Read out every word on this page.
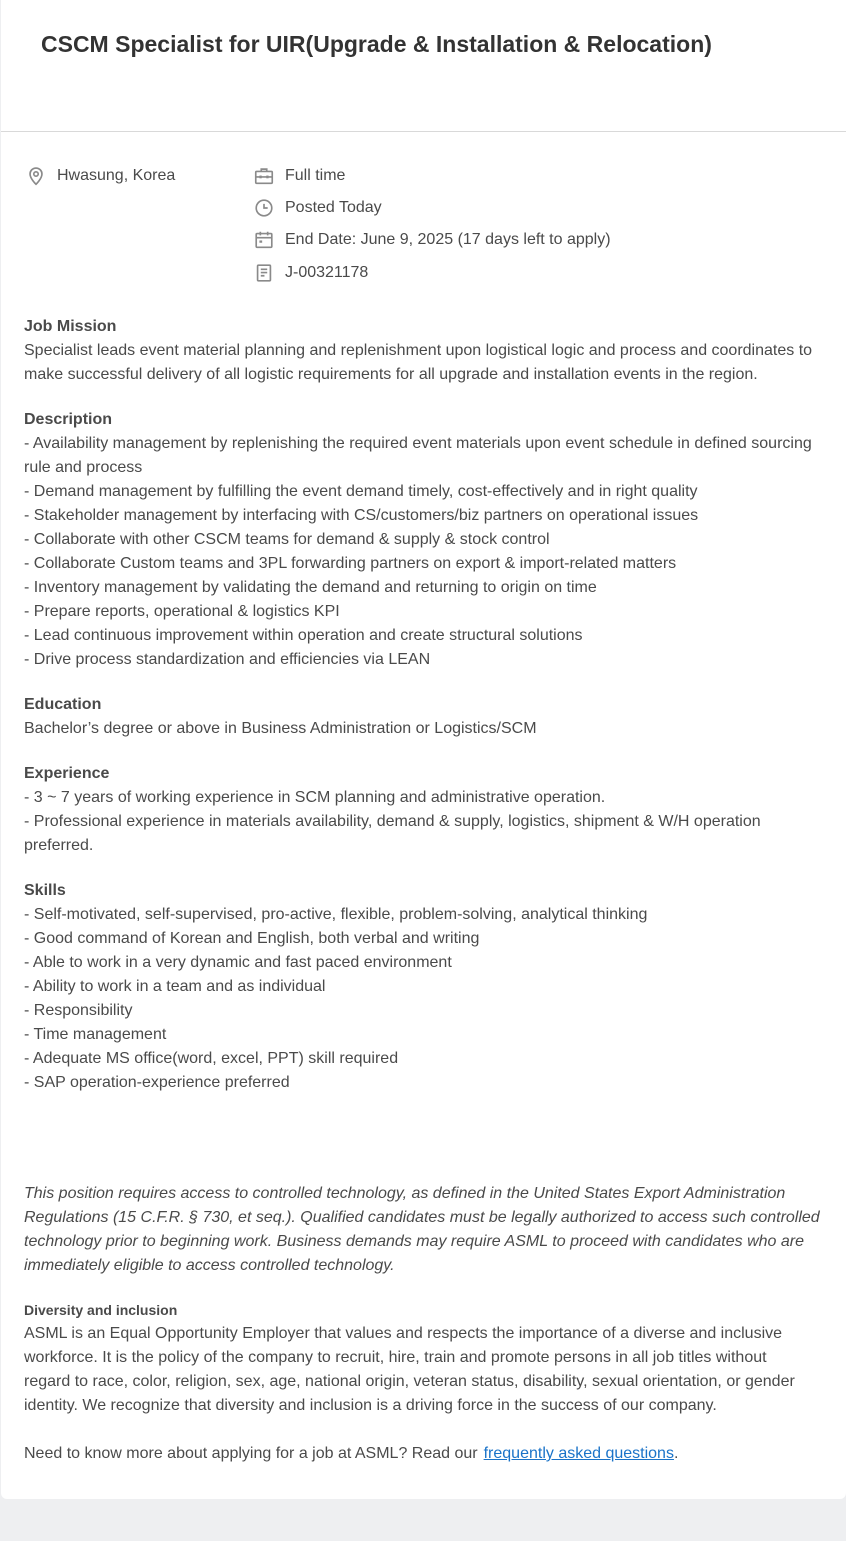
CSCM Specialist for UIR(Upgrade & Installation & Relocation)
Hwasung, Korea	Full time
Posted Today
End Date: June 9, 2025 (17 days left to apply)
J-00321178
Job Mission

Specialist leads event material planning and replenishment upon logistical logic and process and coordinates to make successful delivery of all logistic requirements for all upgrade and installation events in the region.

Description
- Availability management by replenishing the required event materials upon event schedule in defined sourcing rule and process
- Demand management by fulfilling the event demand timely, cost-effectively and in right quality
- Stakeholder management by interfacing with CS/customers/biz partners on operational issues
- Collaborate with other CSCM teams for demand & supply & stock control
- Collaborate Custom teams and 3PL forwarding partners on export & import-related matters
- Inventory management by validating the demand and returning to origin on time
- Prepare reports, operational & logistics KPI
- Lead continuous improvement within operation and create structural solutions
- Drive process standardization and efficiencies via LEAN
Education

Bachelor’s degree or above in Business Administration or Logistics/SCM

Experience
- 3 ~ 7 years of working experience in SCM planning and administrative operation.
- Professional experience in materials availability, demand & supply, logistics, shipment & W/H operation preferred.
Skills
- Self-motivated, self-supervised, pro-active, flexible, problem-solving, analytical thinking
- Good command of Korean and English, both verbal and writing
- Able to work in a very dynamic and fast paced environment
- Ability to work in a team and as individual
- Responsibility
- Time management
- Adequate MS office(word, excel, PPT) skill required
- SAP operation-experience preferred
This position requires access to controlled technology, as defined in the United States Export Administration Regulations (15 C.F.R. § 730, et seq.). Qualified candidates must be legally authorized to access such controlled technology prior to beginning work. Business demands may require ASML to proceed with candidates who are immediately eligible to access controlled technology.
Diversity and inclusion
ASML is an Equal Opportunity Employer that values and respects the importance of a diverse and inclusive workforce. It is the policy of the company to recruit, hire, train and promote persons in all job titles without regard to race, color, religion, sex, age, national origin, veteran status, disability, sexual orientation, or gender identity. We recognize that diversity and inclusion is a driving force in the success of our company.
Need to know more about applying for a job at ASML? Read our frequently asked questions.
